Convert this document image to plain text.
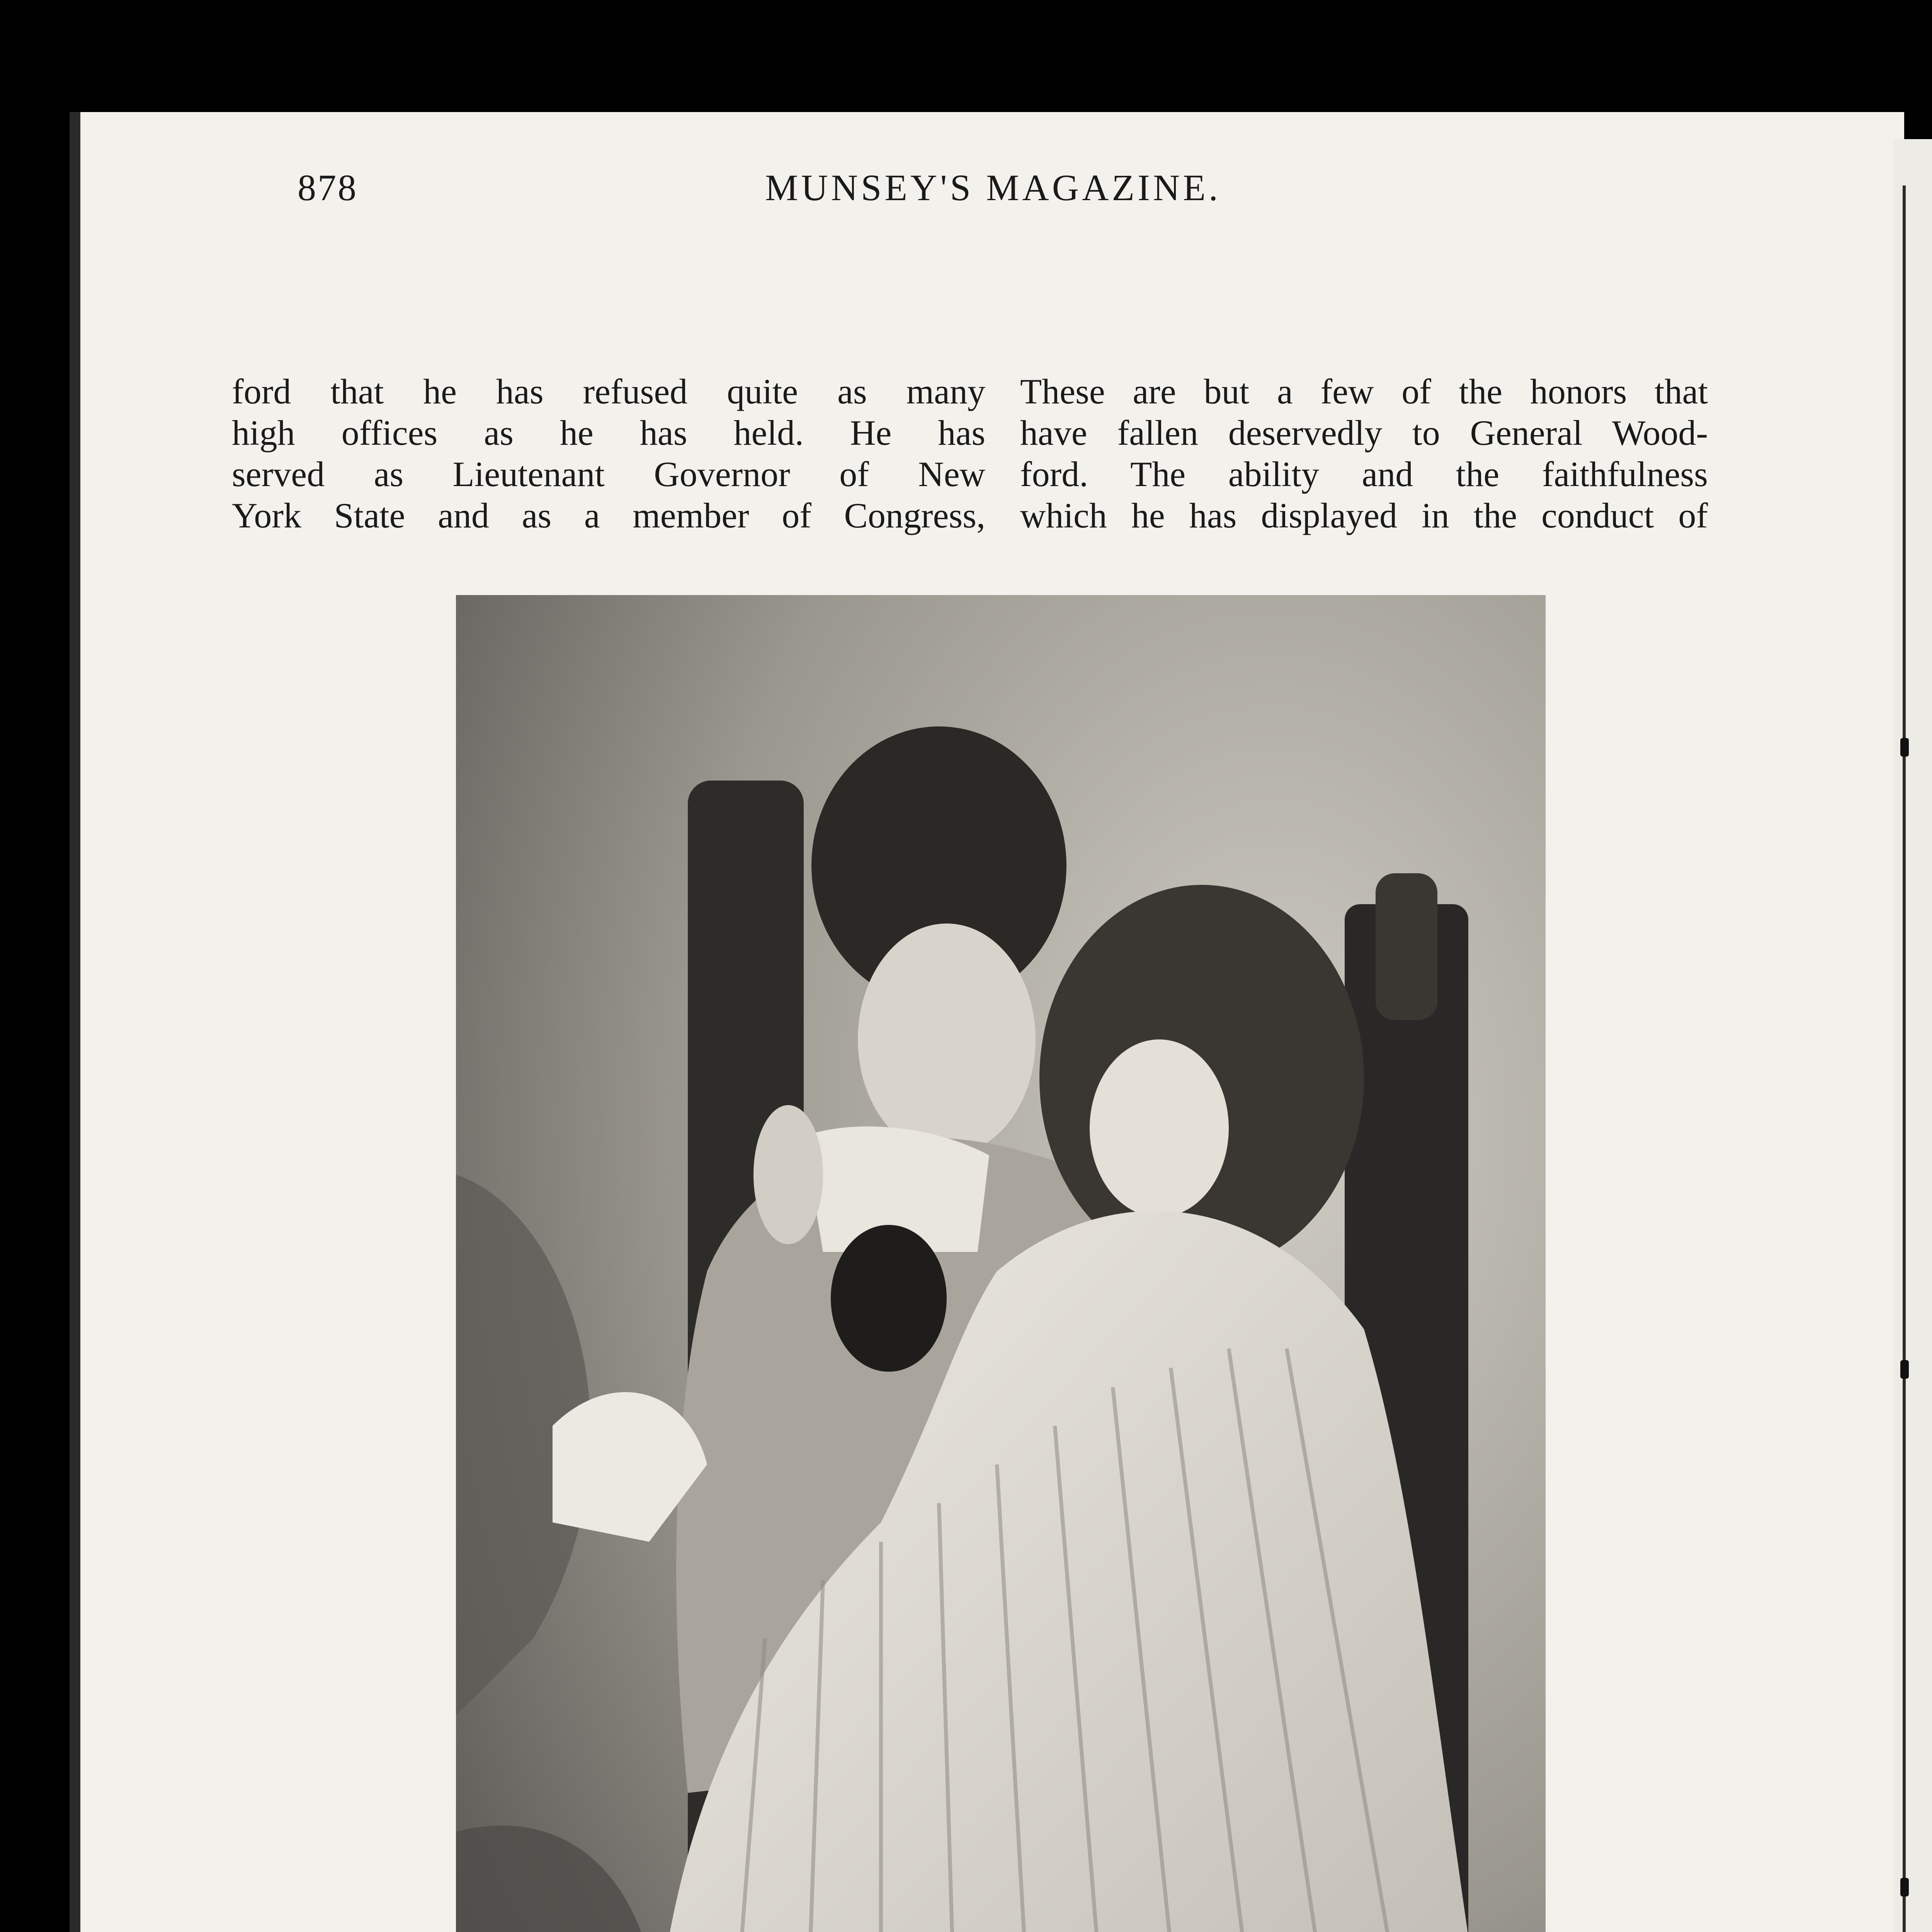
878	MUNSEY'S MAGAZINE.
ford that he has refused quite as many
high offices as he has held. He has
served as Lieutenant Governor of New
York State and as a member of Congress,
These are but a few of the honors that
have fallen deservedly to General Wood-
ford. The ability and the faithfulness
which he has displayed in the conduct of
